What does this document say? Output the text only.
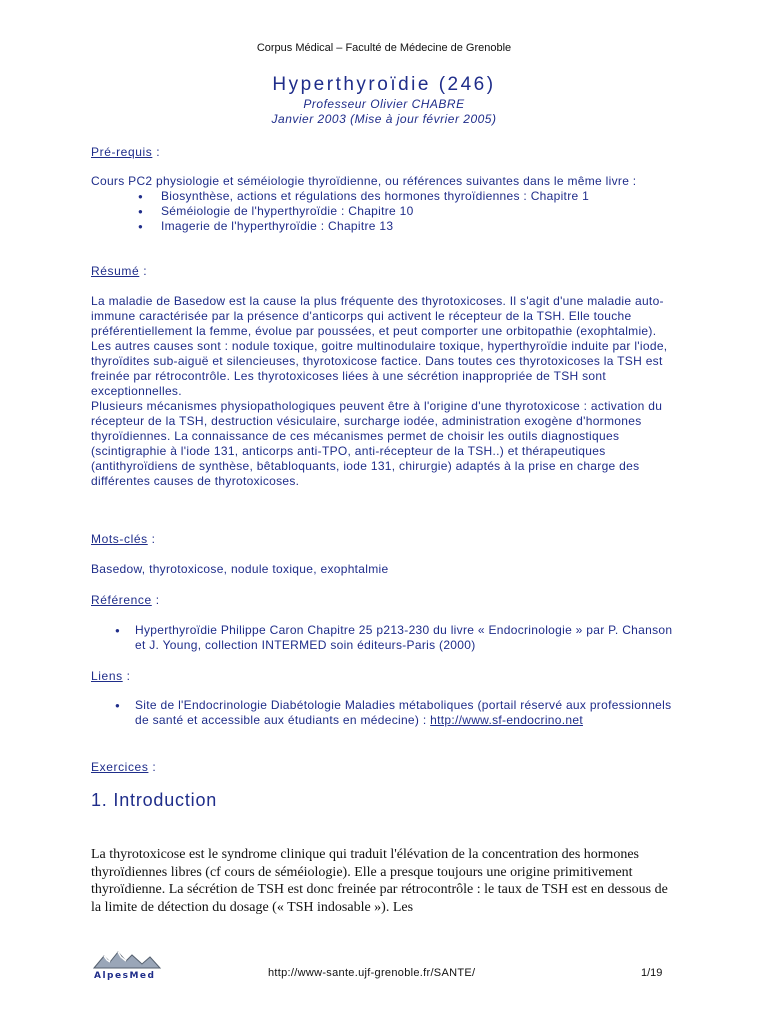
Corpus Médical – Faculté de Médecine de Grenoble
Hyperthyroïdie (246)
Professeur Olivier CHABRE
Janvier 2003 (Mise à jour février 2005)
Pré-requis :
Cours PC2 physiologie et séméiologie thyroïdienne, ou références suivantes dans le même livre :
● Biosynthèse, actions et régulations des hormones thyroïdiennes : Chapitre 1
● Séméiologie de l'hyperthyroïdie : Chapitre 10
● Imagerie de l'hyperthyroïdie : Chapitre 13
Résumé :
La maladie de Basedow est la cause la plus fréquente des thyrotoxicoses. Il s'agit d'une maladie auto-immune caractérisée par la présence d'anticorps qui activent le récepteur de la TSH. Elle touche préférentiellement la femme, évolue par poussées, et peut comporter une orbitopathie (exophtalmie).
Les autres causes sont : nodule toxique, goitre multinodulaire toxique, hyperthyroïdie induite par l'iode, thyroïdites sub-aiguë et silencieuses, thyrotoxicose factice. Dans toutes ces thyrotoxicoses la TSH est freinée par rétrocontrôle. Les thyrotoxicoses liées à une sécrétion inappropriée de TSH sont exceptionnelles.
Plusieurs mécanismes physiopathologiques peuvent être à l'origine d'une thyrotoxicose : activation du récepteur de la TSH, destruction vésiculaire, surcharge iodée, administration exogène d'hormones thyroïdiennes. La connaissance de ces mécanismes permet de choisir les outils diagnostiques (scintigraphie à l'iode 131, anticorps anti-TPO, anti-récepteur de la TSH..) et thérapeutiques (antithyroïdiens de synthèse, bêtabloquants, iode 131, chirurgie) adaptés à la prise en charge des différentes causes de thyrotoxicoses.
Mots-clés :
Basedow, thyrotoxicose, nodule toxique, exophtalmie
Référence :
● Hyperthyroïdie Philippe Caron Chapitre 25 p213-230 du livre « Endocrinologie » par P. Chanson et J. Young, collection INTERMED soin éditeurs-Paris (2000)
Liens :
● Site de l'Endocrinologie Diabétologie Maladies métaboliques (portail réservé aux professionnels de santé et accessible aux étudiants en médecine) : http://www.sf-endocrino.net
Exercices :
1. Introduction
La thyrotoxicose est le syndrome clinique qui traduit l'élévation de la concentration des hormones thyroïdiennes libres (cf cours de séméiologie). Elle a presque toujours une origine primitivement thyroïdienne. La sécrétion de TSH est donc freinée par rétrocontrôle : le taux de TSH est en dessous de la limite de détection du dosage (« TSH indosable »). Les
AlpesMed	http://www-sante.ujf-grenoble.fr/SANTE/	1/19
